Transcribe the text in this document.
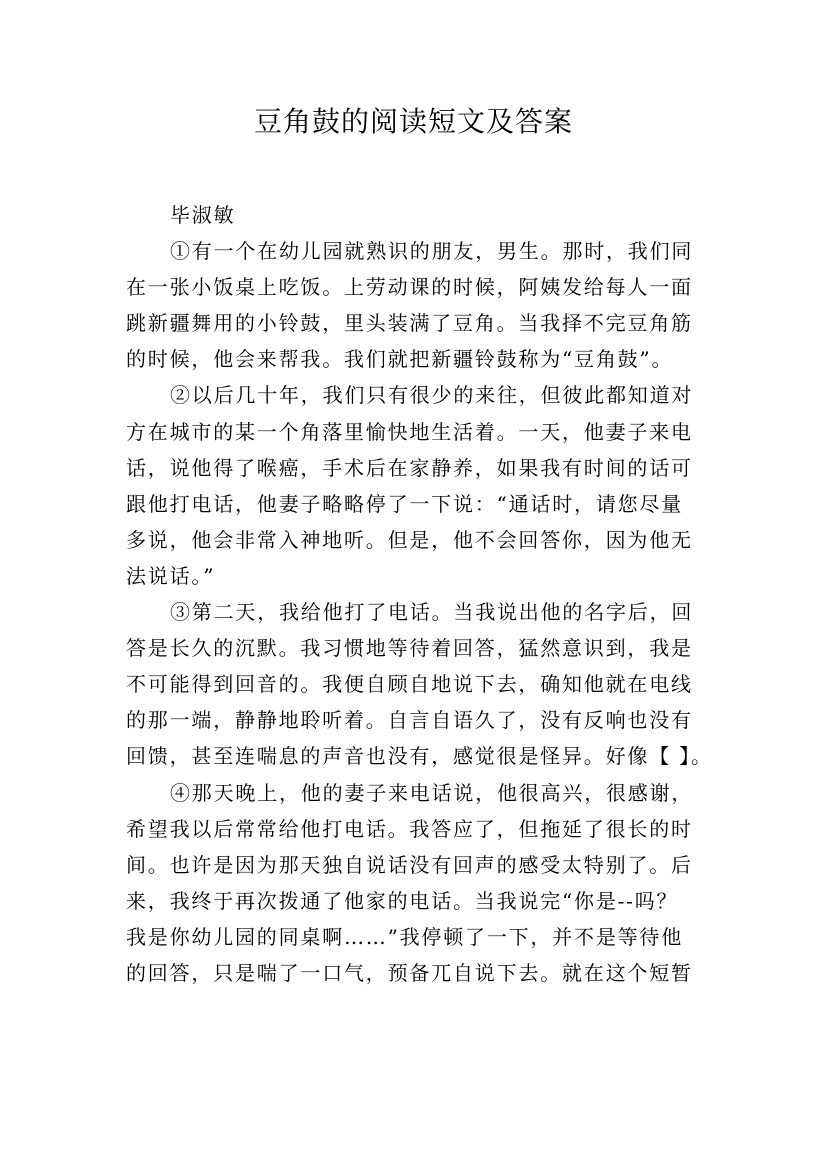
豆角鼓的阅读短文及答案
毕淑敏
①有一个在幼儿园就熟识的朋友，男生。那时，我们同
在一张小饭桌上吃饭。上劳动课的时候，阿姨发给每人一面
跳新疆舞用的小铃鼓，里头装满了豆角。当我择不完豆角筋
的时候，他会来帮我。我们就把新疆铃鼓称为“豆角鼓”。
②以后几十年，我们只有很少的来往，但彼此都知道对
方在城市的某一个角落里愉快地生活着。一天，他妻子来电
话，说他得了喉癌，手术后在家静养，如果我有时间的话可
跟他打电话，他妻子略略停了一下说：“通话时，请您尽量
多说，他会非常入神地听。但是，他不会回答你，因为他无
法说话。”
③第二天，我给他打了电话。当我说出他的名字后，回
答是长久的沉默。我习惯地等待着回答，猛然意识到，我是
不可能得到回音的。我便自顾自地说下去，确知他就在电线
的那一端，静静地聆听着。自言自语久了，没有反响也没有
回馈，甚至连喘息的声音也没有，感觉很是怪异。好像【 】。
④那天晚上，他的妻子来电话说，他很高兴，很感谢，
希望我以后常常给他打电话。我答应了，但拖延了很长的时
间。也许是因为那天独自说话没有回声的感受太特别了。后
来，我终于再次拨通了他家的电话。当我说完“你是--吗？
我是你幼儿园的同桌啊……”我停顿了一下，并不是等待他
的回答，只是喘了一口气，预备兀自说下去。就在这个短暂
